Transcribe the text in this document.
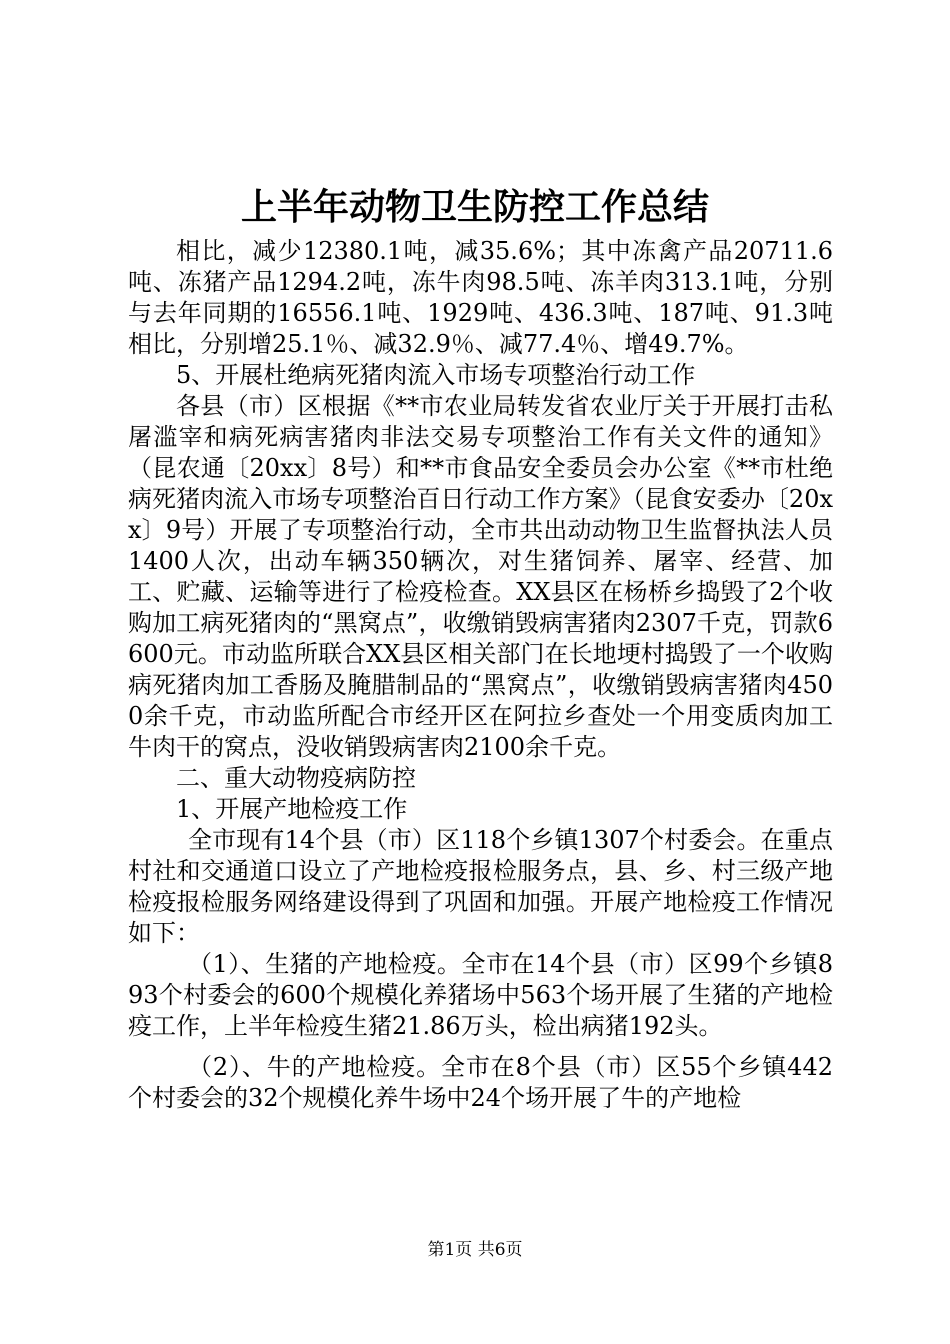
上半年动物卫生防控工作总结

相比，减少12380.1吨，减35.6%；其中冻禽产品20711.6吨、冻猪产品1294.2吨，冻牛肉98.5吨、冻羊肉313.1吨，分别与去年同期的16556.1吨、1929吨、436.3吨、187吨、91.3吨相比，分别增25.1％、减32.9％、减77.4％、增49.7%。

5、开展杜绝病死猪肉流入市场专项整治行动工作

各县（市）区根据《**市农业局转发省农业厅关于开展打击私屠滥宰和病死病害猪肉非法交易专项整治工作有关文件的通知》（昆农通〔20xx〕8号）和**市食品安全委员会办公室《**市杜绝病死猪肉流入市场专项整治百日行动工作方案》（昆食安委办〔20xx〕9号）开展了专项整治行动，全市共出动动物卫生监督执法人员1400人次，出动车辆350辆次，对生猪饲养、屠宰、经营、加工、贮藏、运输等进行了检疫检查。XX县区在杨桥乡捣毁了2个收购加工病死猪肉的“黑窝点”，收缴销毁病害猪肉2307千克，罚款6600元。市动监所联合XX县区相关部门在长地埂村捣毁了一个收购病死猪肉加工香肠及腌腊制品的“黑窝点”，收缴销毁病害猪肉4500余千克，市动监所配合市经开区在阿拉乡查处一个用变质肉加工牛肉干的窝点，没收销毁病害肉2100余千克。

二、重大动物疫病防控

1、开展产地检疫工作

全市现有14个县（市）区118个乡镇1307个村委会。在重点村社和交通道口设立了产地检疫报检服务点，县、乡、村三级产地检疫报检服务网络建设得到了巩固和加强。开展产地检疫工作情况如下：

（1）、生猪的产地检疫。全市在14个县（市）区99个乡镇893个村委会的600个规模化养猪场中563个场开展了生猪的产地检疫工作，上半年检疫生猪21.86万头，检出病猪192头。

（2）、牛的产地检疫。全市在8个县（市）区55个乡镇442个村委会的32个规模化养牛场中24个场开展了牛的产地检

第1页 共6页
